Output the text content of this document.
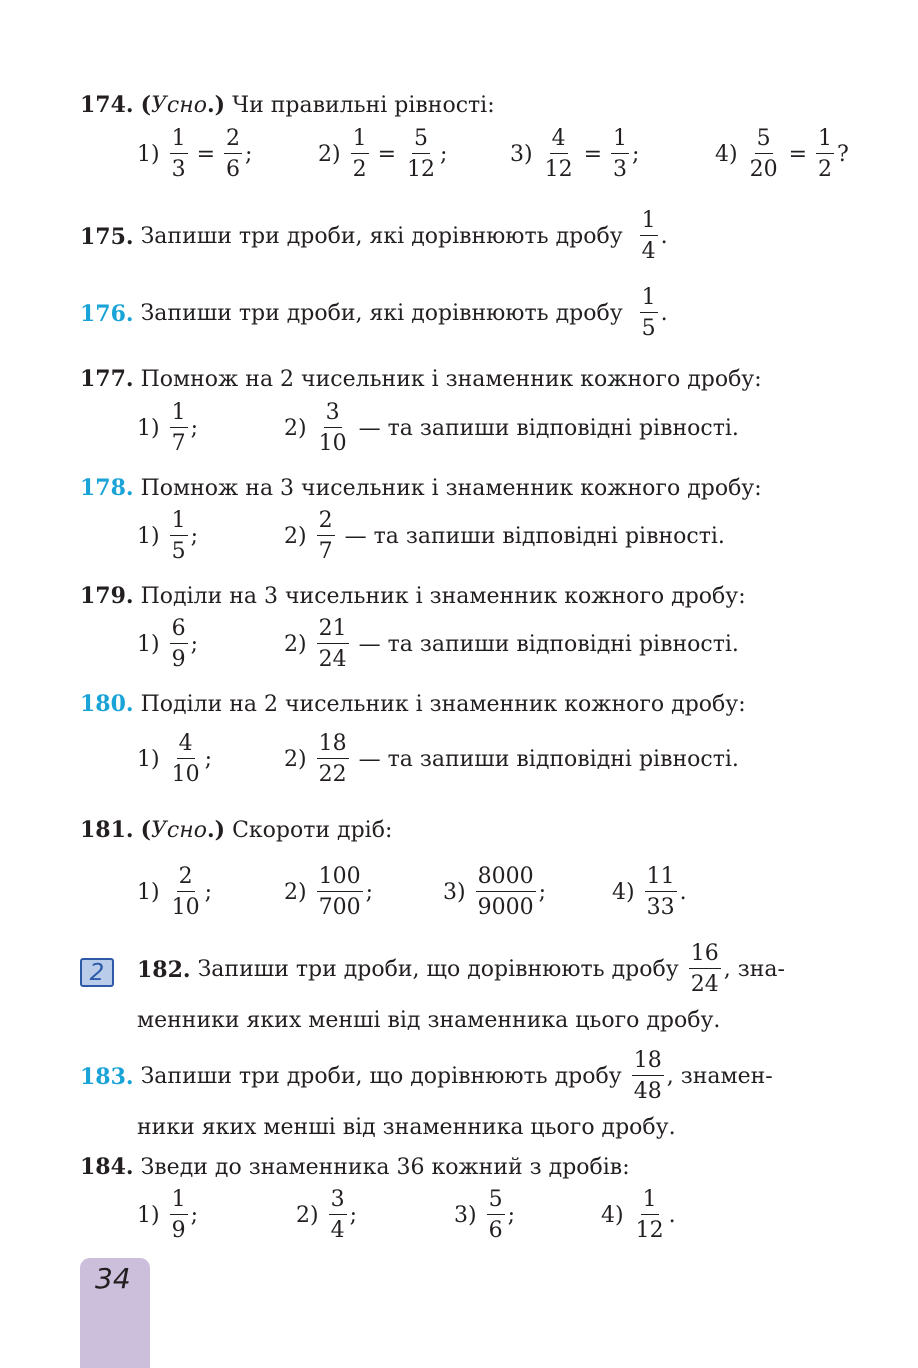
174.
( Усно .)
Чи правильні рівності:
1)
$\frac{1}{3} = \frac{2}{6}$ ;	2)
$\frac{1}{2} = \frac{5}{12}$ ;	3)
$\frac{4}{12} = \frac{1}{3}$ ;	4)
$\frac{5}{20} = \frac{1}{2}$ ?
175.
Запиши три дроби, які дорівнюють дробу
$\frac{1}{4}$ .
176.
Запиши три дроби, які дорівнюють дробу
$\frac{1}{5}$ .
177.
Помнож на 2 чисельник і знаменник кожного дробу:
1)
$\frac{1}{7}$ ;	2)
$\frac{3}{10}$
— та запиши відповідні рівності.
178.
Помнож на 3 чисельник і знаменник кожного дробу:
1)
$\frac{1}{5}$ ;	2)
$\frac{2}{7}$
— та запиши відповідні рівності.
179.
Поділи на 3 чисельник і знаменник кожного дробу:
1)
$\frac{6}{9}$ ;	2)
$\frac{21}{24}$
— та запиши відповідні рівності.
180.
Поділи на 2 чисельник і знаменник кожного дробу:
1)
$\frac{4}{10}$ ;	2)
$\frac{18}{22}$
— та запиши відповідні рівності.
181.
( Усно .)
Скороти дріб:
1)
$\frac{2}{10}$ ;	2)
$\frac{100}{700}$ ;	3)
$\frac{8000}{9000}$ ;	4)
$\frac{11}{33}$ .
2	182.
Запиши три дроби, що дорівнюють дробу
$\frac{16}{24}$ , зна-
менники яких менші від знаменника цього дробу.
183.
Запиши три дроби, що дорівнюють дробу
$\frac{18}{48}$ , знамен-
ники яких менші від знаменника цього дробу.
184.
Зведи до знаменника 36 кожний з дробів:
1)
$\frac{1}{9}$ ;	2)
$\frac{3}{4}$ ;	3)
$\frac{5}{6}$ ;	4)
$\frac{1}{12}$ .
34
